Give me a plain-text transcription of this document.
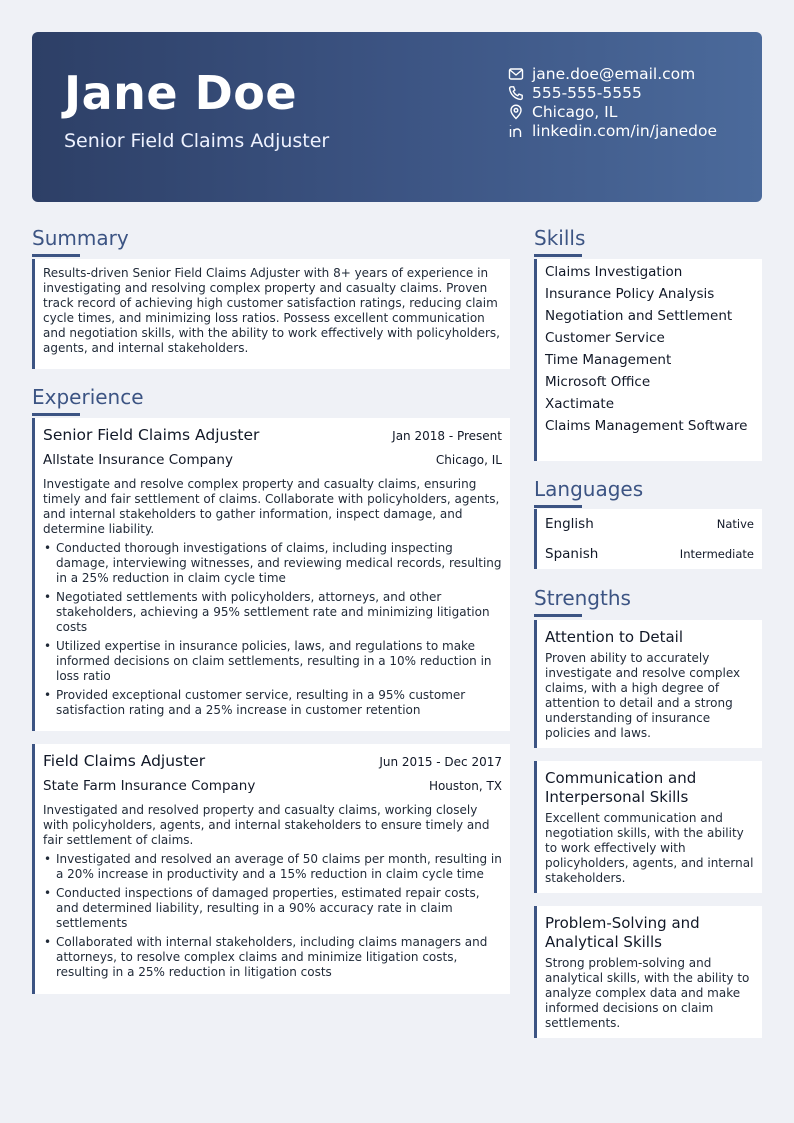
Jane Doe
Senior Field Claims Adjuster
jane.doe@email.com
555-555-5555
Chicago, IL
linkedin.com/in/janedoe
Summary

Results-driven Senior Field Claims Adjuster with 8+ years of experience in investigating and resolving complex property and casualty claims. Proven track record of achieving high customer satisfaction ratings, reducing claim cycle times, and minimizing loss ratios. Possess excellent communication and negotiation skills, with the ability to work effectively with policyholders, agents, and internal stakeholders.

Experience
Senior Field Claims Adjuster	Jan 2018 - Present
Allstate Insurance Company	Chicago, IL

Investigate and resolve complex property and casualty claims, ensuring timely and fair settlement of claims. Collaborate with policyholders, agents, and internal stakeholders to gather information, inspect damage, and determine liability.

• Conducted thorough investigations of claims, including inspecting damage, interviewing witnesses, and reviewing medical records, resulting in a 25% reduction in claim cycle time
• Negotiated settlements with policyholders, attorneys, and other stakeholders, achieving a 95% settlement rate and minimizing litigation costs
• Utilized expertise in insurance policies, laws, and regulations to make informed decisions on claim settlements, resulting in a 10% reduction in loss ratio
• Provided exceptional customer service, resulting in a 95% customer satisfaction rating and a 25% increase in customer retention
Field Claims Adjuster	Jun 2015 - Dec 2017
State Farm Insurance Company	Houston, TX

Investigated and resolved property and casualty claims, working closely with policyholders, agents, and internal stakeholders to ensure timely and fair settlement of claims.

• Investigated and resolved an average of 50 claims per month, resulting in a 20% increase in productivity and a 15% reduction in claim cycle time
• Conducted inspections of damaged properties, estimated repair costs, and determined liability, resulting in a 90% accuracy rate in claim settlements
• Collaborated with internal stakeholders, including claims managers and attorneys, to resolve complex claims and minimize litigation costs, resulting in a 25% reduction in litigation costs
Skills
Claims Investigation
Insurance Policy Analysis
Negotiation and Settlement
Customer Service
Time Management
Microsoft Office
Xactimate
Claims Management Software
Languages
English	Native
Spanish	Intermediate
Strengths
Attention to Detail

Proven ability to accurately investigate and resolve complex claims, with a high degree of attention to detail and a strong understanding of insurance policies and laws.

Communication and Interpersonal Skills

Excellent communication and negotiation skills, with the ability to work effectively with policyholders, agents, and internal stakeholders.

Problem-Solving and Analytical Skills

Strong problem-solving and analytical skills, with the ability to analyze complex data and make informed decisions on claim settlements.
